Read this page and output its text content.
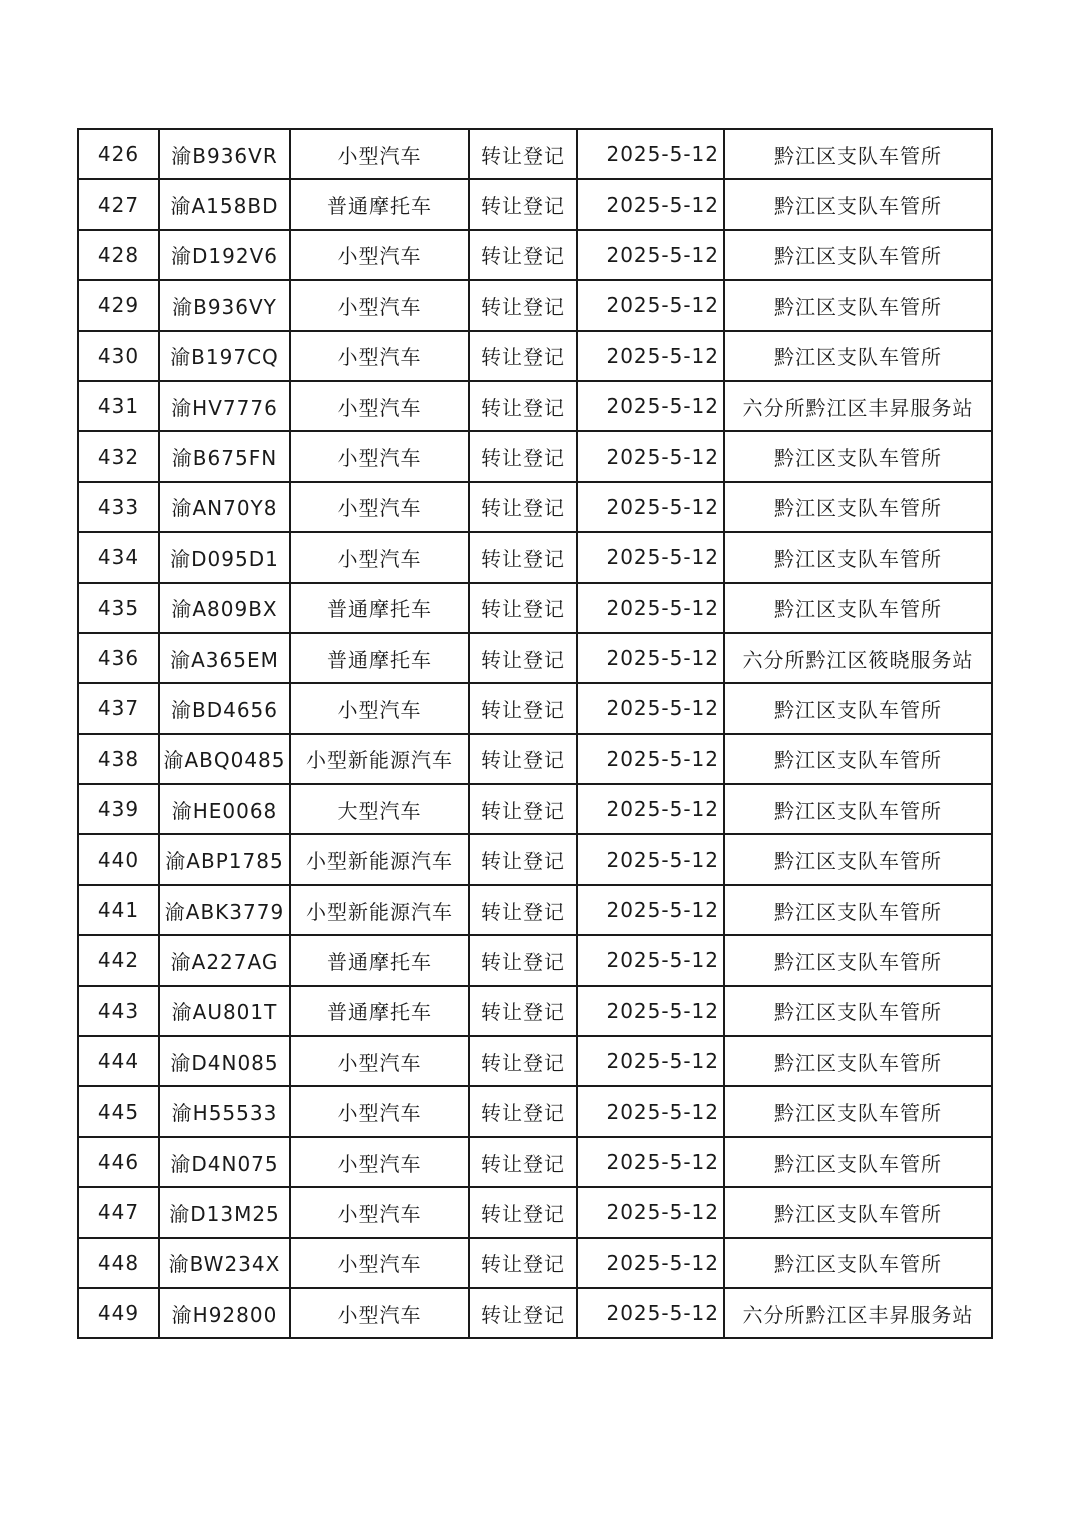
426	渝B936VR	小型汽车	转让登记	2025-5-12	黔江区支队车管所
427	渝A158BD	普通摩托车	转让登记	2025-5-12	黔江区支队车管所
428	渝D192V6	小型汽车	转让登记	2025-5-12	黔江区支队车管所
429	渝B936VY	小型汽车	转让登记	2025-5-12	黔江区支队车管所
430	渝B197CQ	小型汽车	转让登记	2025-5-12	黔江区支队车管所
431	渝HV7776	小型汽车	转让登记	2025-5-12	六分所黔江区丰昇服务站
432	渝B675FN	小型汽车	转让登记	2025-5-12	黔江区支队车管所
433	渝AN70Y8	小型汽车	转让登记	2025-5-12	黔江区支队车管所
434	渝D095D1	小型汽车	转让登记	2025-5-12	黔江区支队车管所
435	渝A809BX	普通摩托车	转让登记	2025-5-12	黔江区支队车管所
436	渝A365EM	普通摩托车	转让登记	2025-5-12	六分所黔江区筱晓服务站
437	渝BD4656	小型汽车	转让登记	2025-5-12	黔江区支队车管所
438	渝ABQ0485	小型新能源汽车	转让登记	2025-5-12	黔江区支队车管所
439	渝HE0068	大型汽车	转让登记	2025-5-12	黔江区支队车管所
440	渝ABP1785	小型新能源汽车	转让登记	2025-5-12	黔江区支队车管所
441	渝ABK3779	小型新能源汽车	转让登记	2025-5-12	黔江区支队车管所
442	渝A227AG	普通摩托车	转让登记	2025-5-12	黔江区支队车管所
443	渝AU801T	普通摩托车	转让登记	2025-5-12	黔江区支队车管所
444	渝D4N085	小型汽车	转让登记	2025-5-12	黔江区支队车管所
445	渝H55533	小型汽车	转让登记	2025-5-12	黔江区支队车管所
446	渝D4N075	小型汽车	转让登记	2025-5-12	黔江区支队车管所
447	渝D13M25	小型汽车	转让登记	2025-5-12	黔江区支队车管所
448	渝BW234X	小型汽车	转让登记	2025-5-12	黔江区支队车管所
449	渝H92800	小型汽车	转让登记	2025-5-12	六分所黔江区丰昇服务站
